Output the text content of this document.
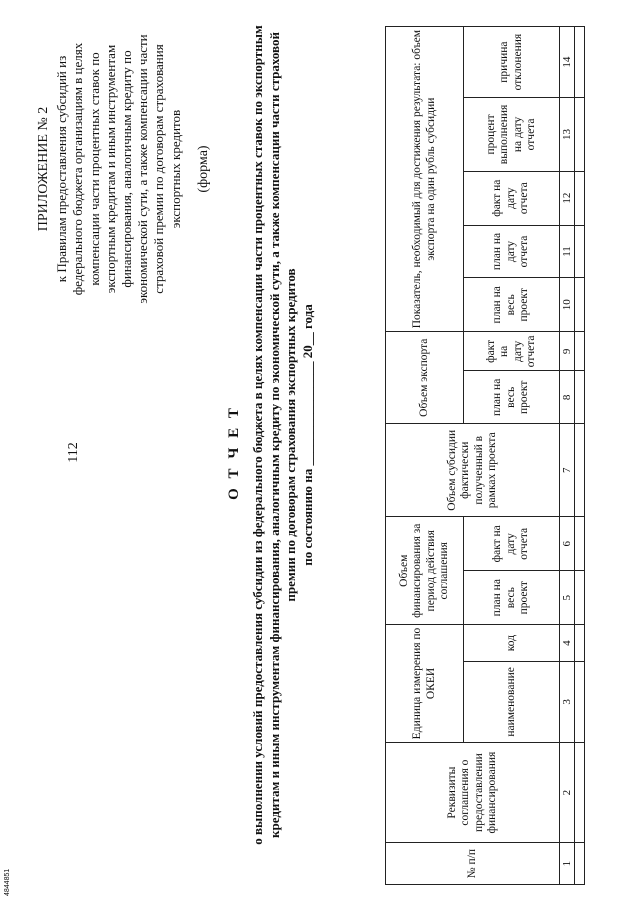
112
ПРИЛОЖЕНИЕ № 2 к Правилам предоставления субсидий из федерального бюджета организациям в целях компенсации части процентных ставок по экспортным кредитам и иным инструментам финансирования, аналогичным кредиту по экономической сути, а также компенсации части страховой премии по договорам страхования экспортных кредитов (форма)
О Т Ч Е Т о выполнении условий предоставления субсидии из федерального бюджета в целях компенсации части процентных ставок по экспортным кредитам и иным инструментам финансирования, аналогичным кредиту по экономической сути, а также компенсации части страховой премии по договорам страхования экспортных кредитов по состоянию на ________________ 20__ года
№ п/п	Реквизиты соглашения о предоставлении финансирования	Единица измерения по ОКЕИ		Объем финансирования за период действия соглашения		Объем субсидии фактически полученный в рамках проекта	Объем экспорта		Показатель, необходимый для достижения результата: объем экспорта на один рубль субсидии				
		наименование	код	план на весь проект	факт на дату отчета		план на весь проект	факт на дату отчета	план на весь проект	план на дату отчета	факт на дату отчета	процент выполнения на дату отчета	причина отклонения
1	2	3	4	5	6	7	8	9	10	11	12	13	14

4844851
